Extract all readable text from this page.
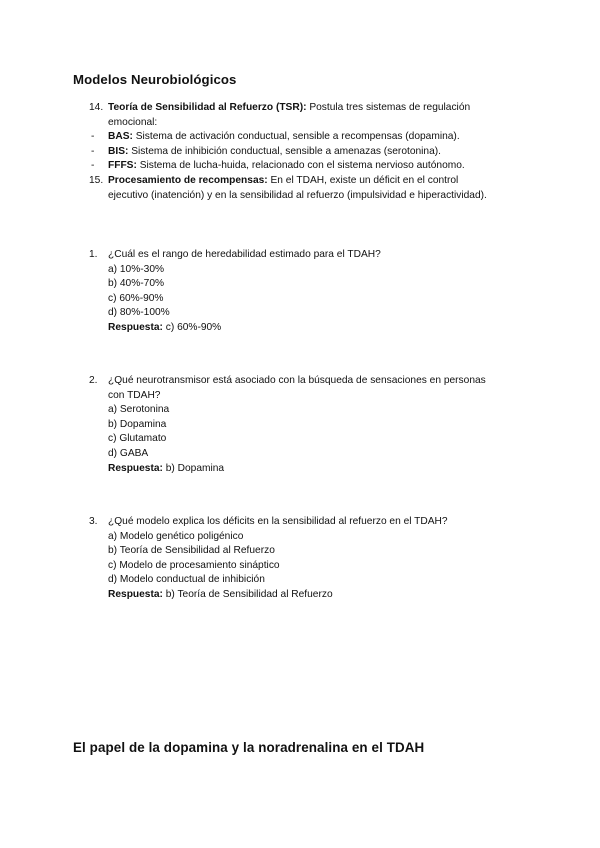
Modelos Neurobiológicos
14. Teoría de Sensibilidad al Refuerzo (TSR): Postula tres sistemas de regulación
emocional:
- BAS: Sistema de activación conductual, sensible a recompensas (dopamina).
- BIS: Sistema de inhibición conductual, sensible a amenazas (serotonina).
- FFFS: Sistema de lucha-huida, relacionado con el sistema nervioso autónomo.
15. Procesamiento de recompensas: En el TDAH, existe un déficit en el control
ejecutivo (inatención) y en la sensibilidad al refuerzo (impulsividad e hiperactividad).
1. ¿Cuál es el rango de heredabilidad estimado para el TDAH?
a) 10%-30%
b) 40%-70%
c) 60%-90%
d) 80%-100%
Respuesta: c) 60%-90%
2. ¿Qué neurotransmisor está asociado con la búsqueda de sensaciones en personas
con TDAH?
a) Serotonina
b) Dopamina
c) Glutamato
d) GABA
Respuesta: b) Dopamina
3. ¿Qué modelo explica los déficits en la sensibilidad al refuerzo en el TDAH?
a) Modelo genético poligénico
b) Teoría de Sensibilidad al Refuerzo
c) Modelo de procesamiento sináptico
d) Modelo conductual de inhibición
Respuesta: b) Teoría de Sensibilidad al Refuerzo
El papel de la dopamina y la noradrenalina en el TDAH
